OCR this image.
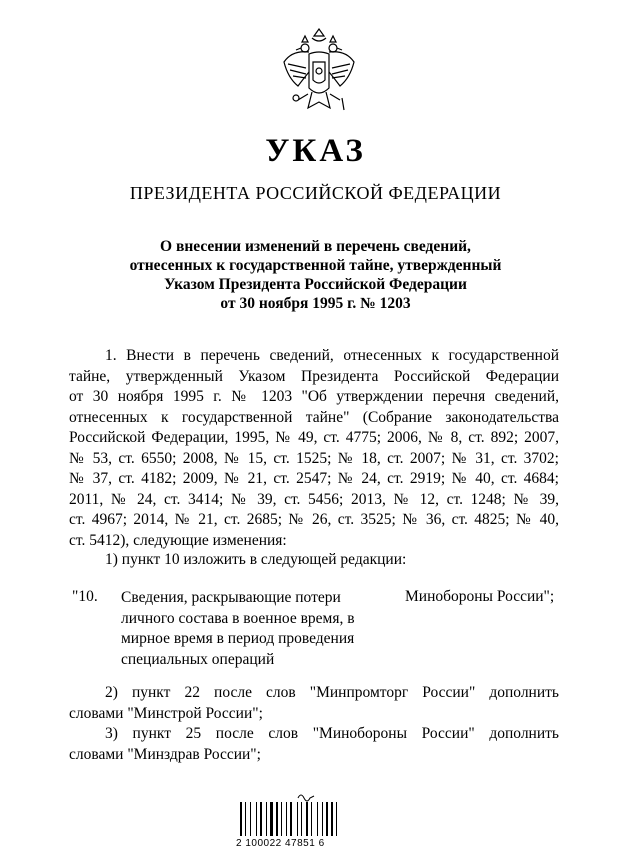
УКАЗ
ПРЕЗИДЕНТА РОССИЙСКОЙ ФЕДЕРАЦИИ
О внесении изменений в перечень сведений,
отнесенных к государственной тайне, утвержденный
Указом Президента Российской Федерации
от 30 ноября 1995 г. № 1203
1. Внести в перечень сведений, отнесенных к государственной
тайне, утвержденный Указом Президента Российской Федерации
от 30 ноября 1995 г. № 1203 "Об утверждении перечня сведений,
отнесенных к государственной тайне" (Собрание законодательства
Российской Федерации, 1995, № 49, ст. 4775; 2006, № 8, ст. 892; 2007,
№ 53, ст. 6550; 2008, № 15, ст. 1525; № 18, ст. 2007; № 31, ст. 3702;
№ 37, ст. 4182; 2009, № 21, ст. 2547; № 24, ст. 2919; № 40, ст. 4684;
2011, № 24, ст. 3414; № 39, ст. 5456; 2013, № 12, ст. 1248; № 39,
ст. 4967; 2014, № 21, ст. 2685; № 26, ст. 3525; № 36, ст. 4825; № 40,
ст. 5412), следующие изменения:
1) пункт 10 изложить в следующей редакции:
"10. Сведения, раскрывающие потери
личного состава в военное время, в
мирное время в период проведения
специальных операций
Минобороны России";
2) пункт 22 после слов "Минпромторг России" дополнить
словами "Минстрой России";
3) пункт 25 после слов "Минобороны России" дополнить
словами "Минздрав России";
2 100022 47851 6
